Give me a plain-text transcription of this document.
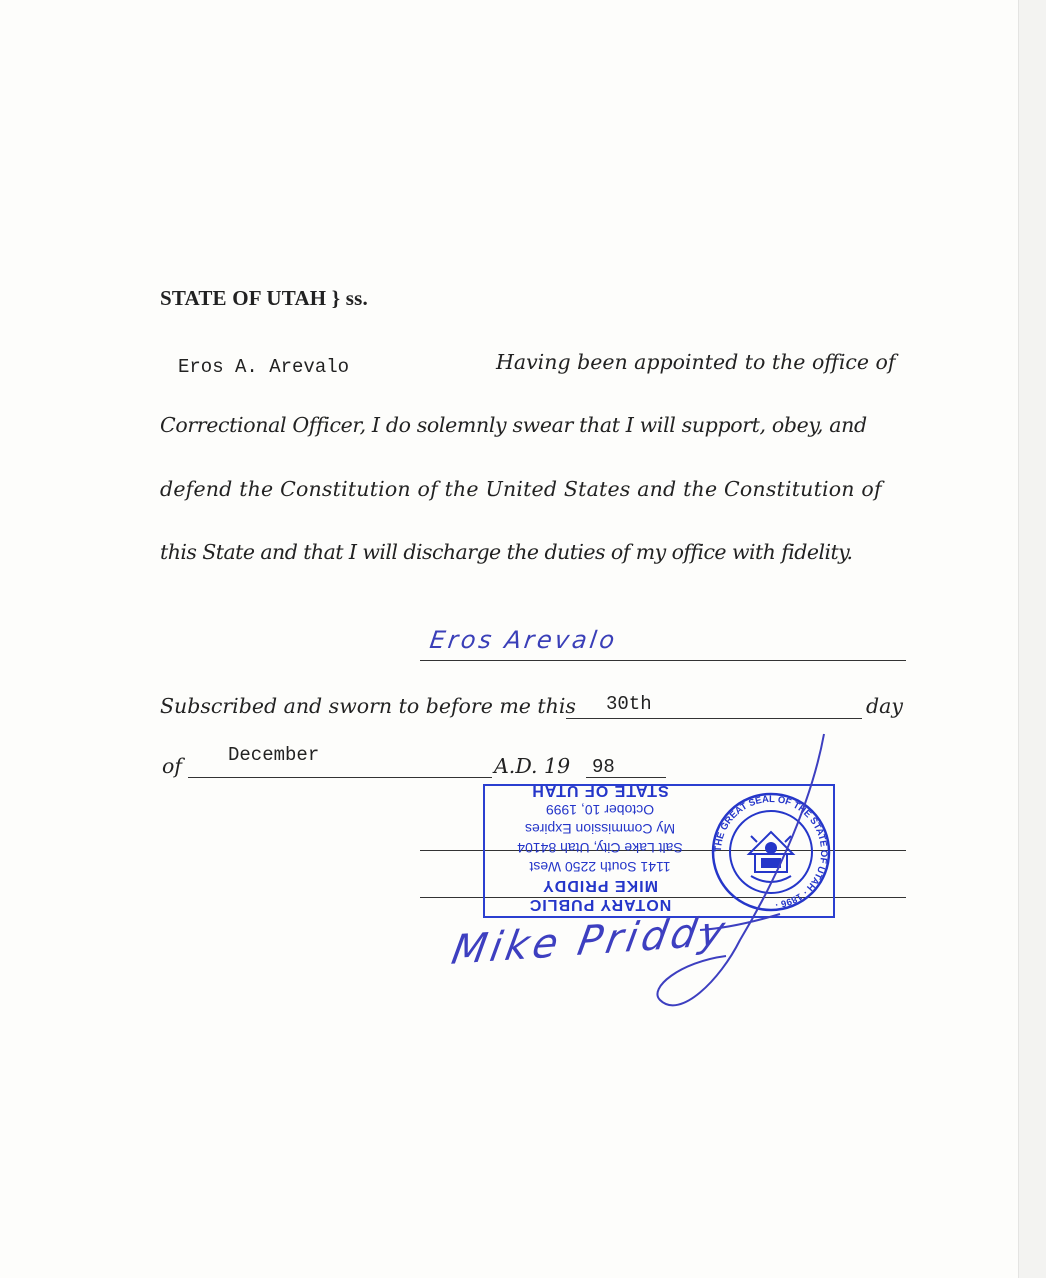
STATE OF UTAH } ss.
Eros A. Arevalo	Having been appointed to the office of
Correctional Officer, I do solemnly swear that I will support, obey, and
defend the Constitution of the United States and the Constitution of
this State and that I will discharge the duties of my office with fidelity.
Eros Arevalo
Subscribed and sworn to before me this 30th	day
of December	A.D. 19 98
NOTARY PUBLIC
MIKE PRIDDY
1141 South 2250 West
Salt Lake City, Utah 84104
My Commission Expires
October 10, 1999
STATE OF UTAH
THE GREAT SEAL OF THE STATE OF UTAH · 1896 ·
Mike Priddy
